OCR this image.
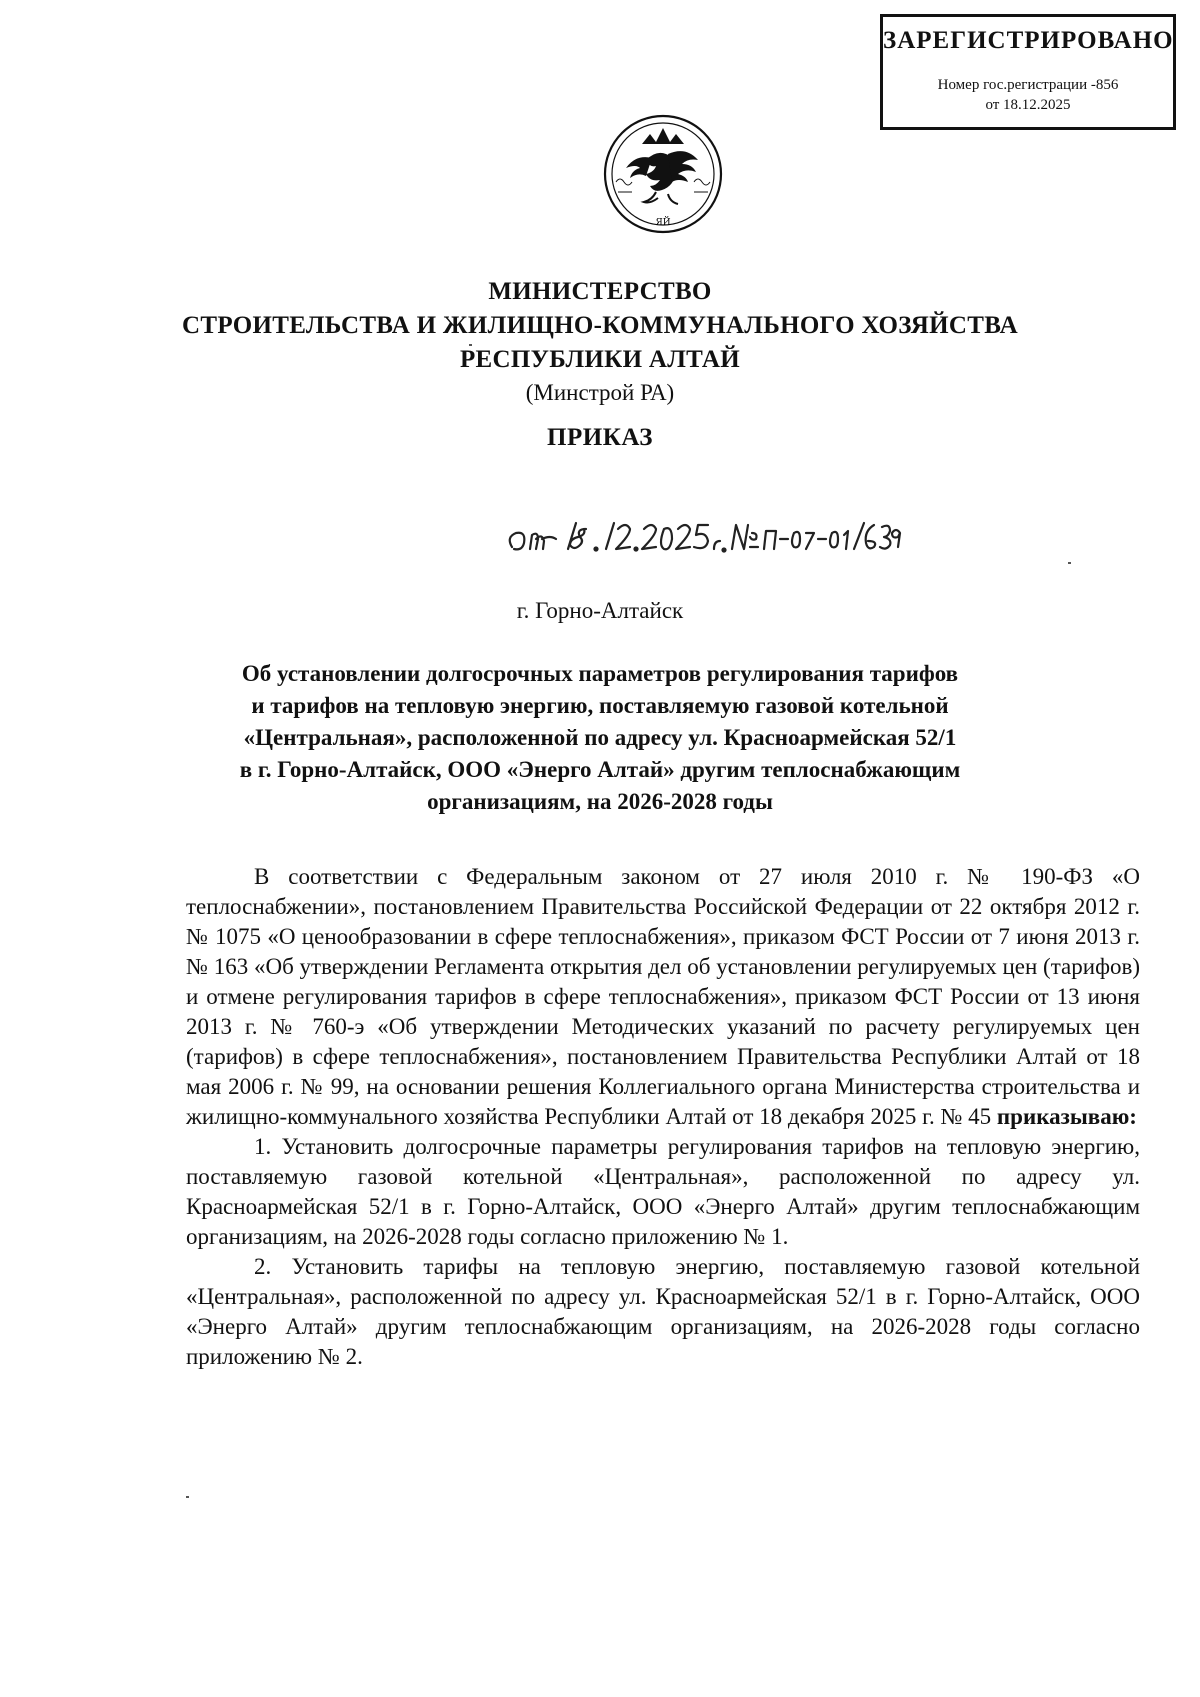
ЗАРЕГИСТРИРОВАНО
Номер гос.регистрации -856
от 18.12.2025
ЯЙ
МИНИСТЕРСТВО
СТРОИТЕЛЬСТВА И ЖИЛИЩНО-КОММУНАЛЬНОГО ХОЗЯЙСТВА
РЕСПУБЛИКИ АЛТАЙ
(Минстрой РА)
ПРИКАЗ
г. Горно-Алтайск
Об установлении долгосрочных параметров регулирования тарифов
и тарифов на тепловую энергию, поставляемую газовой котельной
«Центральная», расположенной по адресу ул. Красноармейская 52/1
в г. Горно-Алтайск, ООО «Энерго Алтай» другим теплоснабжающим
организациям, на 2026-2028 годы

В соответствии с Федеральным законом от 27 июля 2010 г. № 190-ФЗ «О теплоснабжении», постановлением Правительства Российской Федерации от 22 октября 2012 г. № 1075 «О ценообразовании в сфере теплоснабжения», приказом ФСТ России от 7 июня 2013 г. № 163 «Об утверждении Регламента открытия дел об установлении регулируемых цен (тарифов) и отмене регулирования тарифов в сфере теплоснабжения», приказом ФСТ России от 13 июня 2013 г. № 760-э «Об утверждении Методических указаний по расчету регулируемых цен (тарифов) в сфере теплоснабжения», постановлением Правительства Республики Алтай от 18 мая 2006 г. № 99, на основании решения Коллегиального органа Министерства строительства и жилищно-коммунального хозяйства Республики Алтай от 18 декабря 2025 г. № 45 приказываю:

1. Установить долгосрочные параметры регулирования тарифов на тепловую энергию, поставляемую газовой котельной «Центральная», расположенной по адресу ул. Красноармейская 52/1 в г. Горно-Алтайск, ООО «Энерго Алтай» другим теплоснабжающим организациям, на 2026-2028 годы согласно приложению № 1.

2. Установить тарифы на тепловую энергию, поставляемую газовой котельной «Центральная», расположенной по адресу ул. Красноармейская 52/1 в г. Горно-Алтайск, ООО «Энерго Алтай» другим теплоснабжающим организациям, на 2026-2028 годы согласно приложению № 2.
